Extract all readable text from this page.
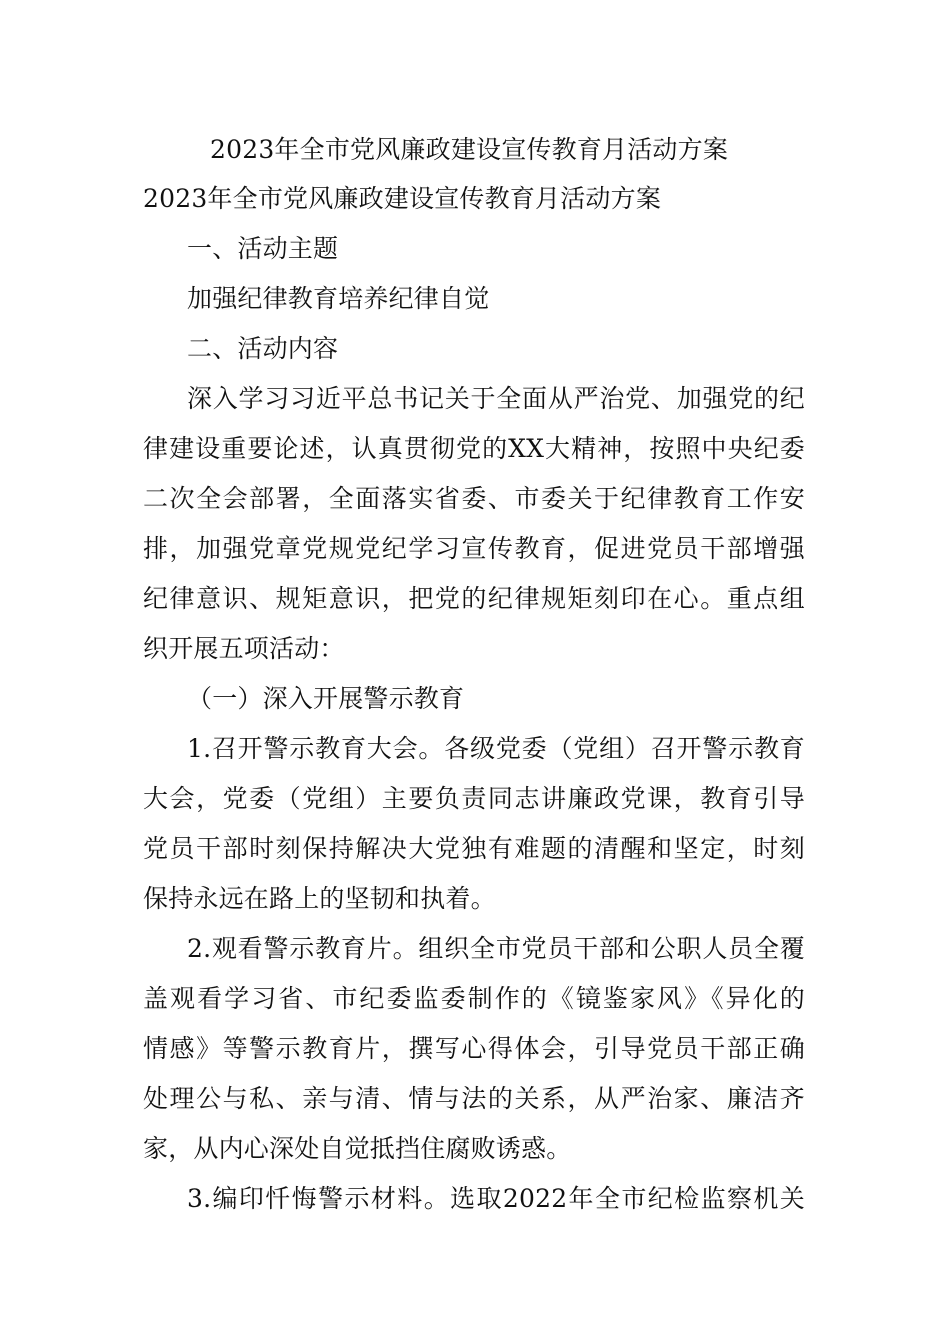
2023年全市党风廉政建设宣传教育月活动方案

2023年全市党风廉政建设宣传教育月活动方案

一、活动主题

加强纪律教育培养纪律自觉

二、活动内容

深入学习习近平总书记关于全面从严治党、加强党的纪

律建设重要论述，认真贯彻党的XX大精神，按照中央纪委

二次全会部署，全面落实省委、市委关于纪律教育工作安

排，加强党章党规党纪学习宣传教育，促进党员干部增强

纪律意识、规矩意识，把党的纪律规矩刻印在心。重点组

织开展五项活动：

（一）深入开展警示教育

1.召开警示教育大会。各级党委（党组）召开警示教育

大会，党委（党组）主要负责同志讲廉政党课，教育引导

党员干部时刻保持解决大党独有难题的清醒和坚定，时刻

保持永远在路上的坚韧和执着。

2.观看警示教育片。组织全市党员干部和公职人员全覆

盖观看学习省、市纪委监委制作的《镜鉴家风》《异化的

情感》等警示教育片，撰写心得体会，引导党员干部正确

处理公与私、亲与清、情与法的关系，从严治家、廉洁齐

家，从内心深处自觉抵挡住腐败诱惑。

3.编印忏悔警示材料。选取2022年全市纪检监察机关
